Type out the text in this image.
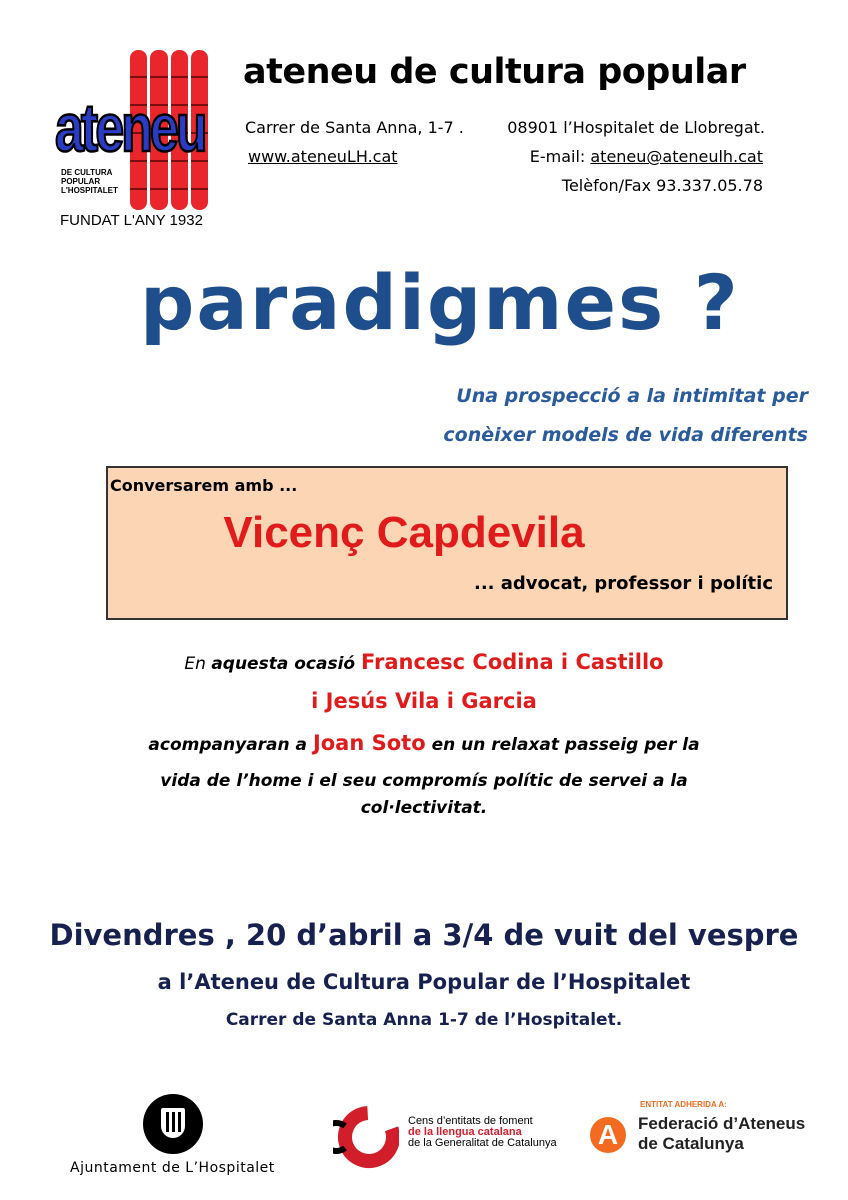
ateneu
DE CULTURA POPULAR L'HOSPITALET
FUNDAT L'ANY 1932
ateneu de cultura popular
Carrer de Santa Anna, 1-7 .	08901 l’Hospitalet de Llobregat.
www.ateneuLH.cat	E-mail: ateneu@ateneulh.cat
Telèfon/Fax 93.337.05.78
paradigmes ?
Una prospecció a la intimitat per
conèixer models de vida diferents
Conversarem amb ...
Vicenç Capdevila
... advocat, professor i polític
En aquesta ocasió Francesc Codina i Castillo
i Jesús Vila i Garcia
acompanyaran a Joan Soto en un relaxat passeig per la
vida de l’home i el seu compromís polític de servei a la
col·lectivitat.
Divendres , 20 d’abril a 3/4 de vuit del vespre
a l’Ateneu de Cultura Popular de l’Hospitalet
Carrer de Santa Anna 1-7 de l’Hospitalet.
Ajuntament de L’Hospitalet
Cens d’entitats de foment
de la llengua catalana
de la Generalitat de Catalunya
ENTITAT ADHERIDA A:
A	Federació d’Ateneus
de Catalunya
